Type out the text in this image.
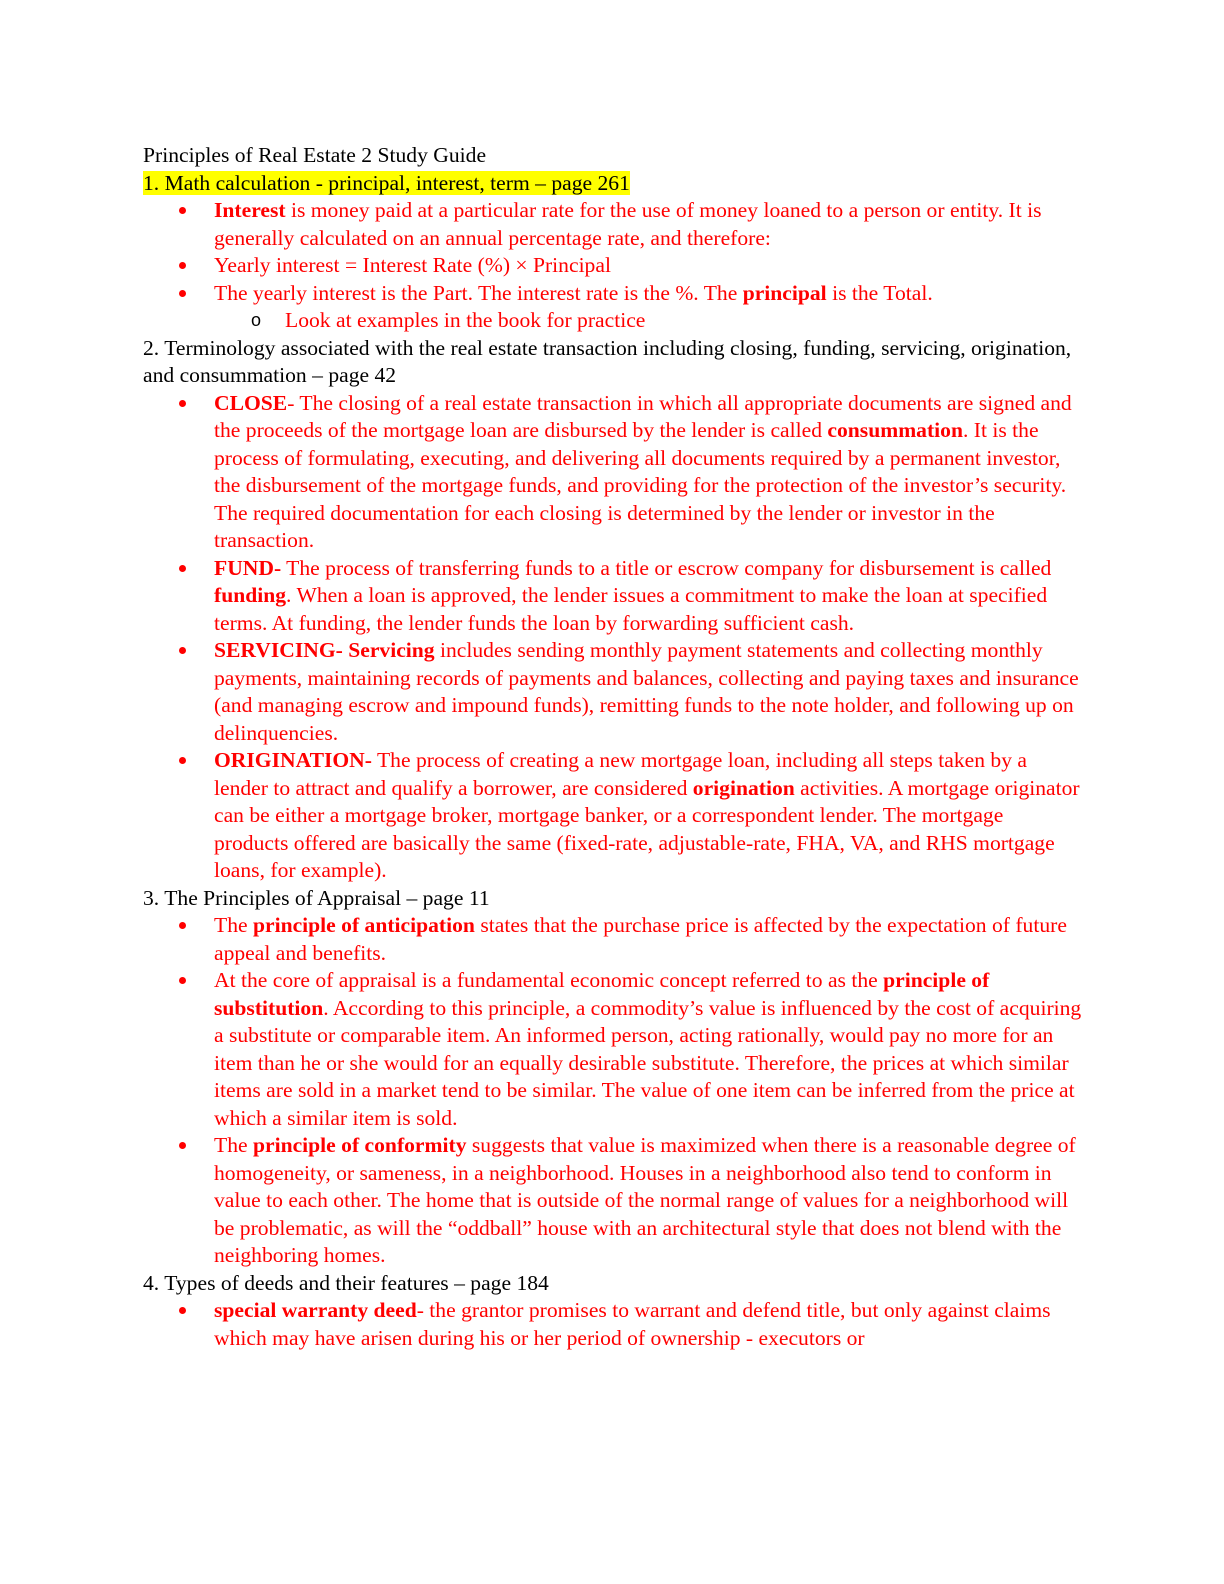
Principles of Real Estate 2 Study Guide

1. Math calculation - principal, interest, term – page 261

Interest is money paid at a particular rate for the use of money loaned to a person or entity. It is generally calculated on an annual percentage rate, and therefore:
Yearly interest = Interest Rate (%) × Principal
The yearly interest is the Part. The interest rate is the %. The principal is the Total.
o Look at examples in the book for practice

2. Terminology associated with the real estate transaction including closing, funding, servicing, origination, and consummation – page 42

CLOSE- The closing of a real estate transaction in which all appropriate documents are signed and the proceeds of the mortgage loan are disbursed by the lender is called consummation. It is the process of formulating, executing, and delivering all documents required by a permanent investor, the disbursement of the mortgage funds, and providing for the protection of the investor’s security. The required documentation for each closing is determined by the lender or investor in the transaction.
FUND- The process of transferring funds to a title or escrow company for disbursement is called funding. When a loan is approved, the lender issues a commitment to make the loan at specified terms. At funding, the lender funds the loan by forwarding sufficient cash.
SERVICING- Servicing includes sending monthly payment statements and collecting monthly payments, maintaining records of payments and balances, collecting and paying taxes and insurance (and managing escrow and impound funds), remitting funds to the note holder, and following up on delinquencies.
ORIGINATION- The process of creating a new mortgage loan, including all steps taken by a lender to attract and qualify a borrower, are considered origination activities. A mortgage originator can be either a mortgage broker, mortgage banker, or a correspondent lender. The mortgage products offered are basically the same (fixed-rate, adjustable-rate, FHA, VA, and RHS mortgage loans, for example).

3. The Principles of Appraisal – page 11

The principle of anticipation states that the purchase price is affected by the expectation of future appeal and benefits.
At the core of appraisal is a fundamental economic concept referred to as the principle of substitution. According to this principle, a commodity’s value is influenced by the cost of acquiring a substitute or comparable item. An informed person, acting rationally, would pay no more for an item than he or she would for an equally desirable substitute. Therefore, the prices at which similar items are sold in a market tend to be similar. The value of one item can be inferred from the price at which a similar item is sold.
The principle of conformity suggests that value is maximized when there is a reasonable degree of homogeneity, or sameness, in a neighborhood. Houses in a neighborhood also tend to conform in value to each other. The home that is outside of the normal range of values for a neighborhood will be problematic, as will the “oddball” house with an architectural style that does not blend with the neighboring homes.

4. Types of deeds and their features – page 184

special warranty deed- the grantor promises to warrant and defend title, but only against claims which may have arisen during his or her period of ownership - executors or
